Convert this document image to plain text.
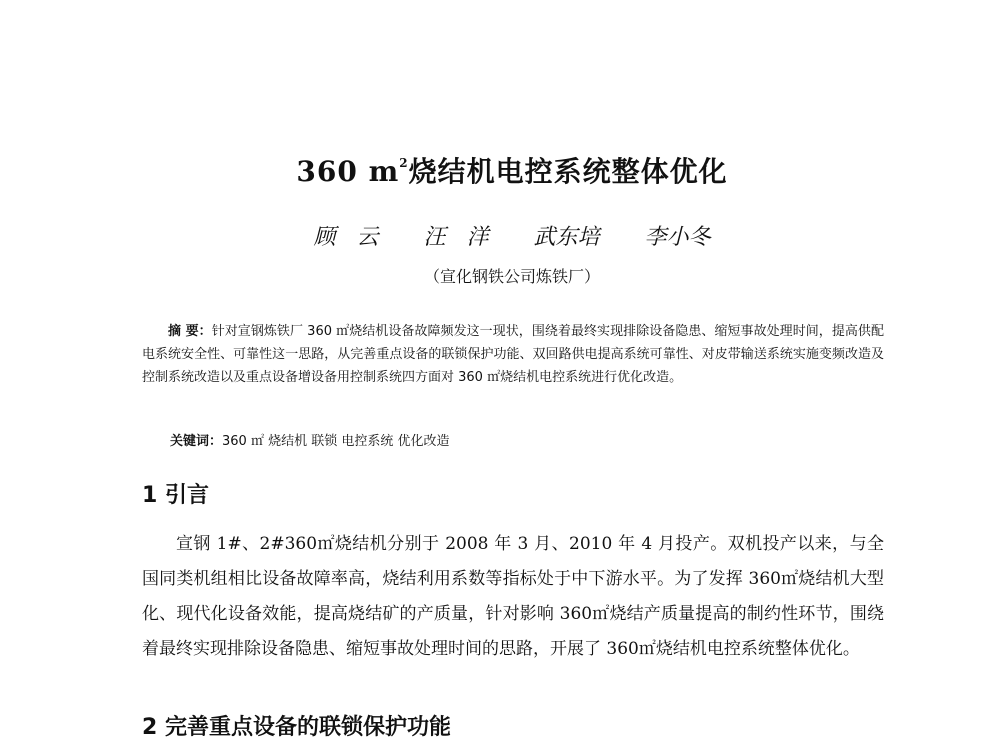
360 $m^2$烧结机电控系统整体优化
顾 云 汪 洋 武东培 李小冬
（宣化钢铁公司炼铁厂）
摘 要：针对宣钢炼铁厂 360 ㎡烧结机设备故障频发这一现状，围绕着最终实现排除设备隐患、缩短事故处理时间，提高供配电系统安全性、可靠性这一思路，从完善重点设备的联锁保护功能、双回路供电提高系统可靠性、对皮带输送系统实施变频改造及控制系统改造以及重点设备增设备用控制系统四方面对 360 ㎡烧结机电控系统进行优化改造。
关键词：360 ㎡ 烧结机 联锁 电控系统 优化改造
1 引言
宣钢 1#、2#360㎡烧结机分别于 2008 年 3 月、2010 年 4 月投产。双机投产以来，与全国同类机组相比设备故障率高，烧结利用系数等指标处于中下游水平。为了发挥 360㎡烧结机大型化、现代化设备效能，提高烧结矿的产质量，针对影响 360㎡烧结产质量提高的制约性环节，围绕着最终实现排除设备隐患、缩短事故处理时间的思路，开展了 360㎡烧结机电控系统整体优化。
2 完善重点设备的联锁保护功能
